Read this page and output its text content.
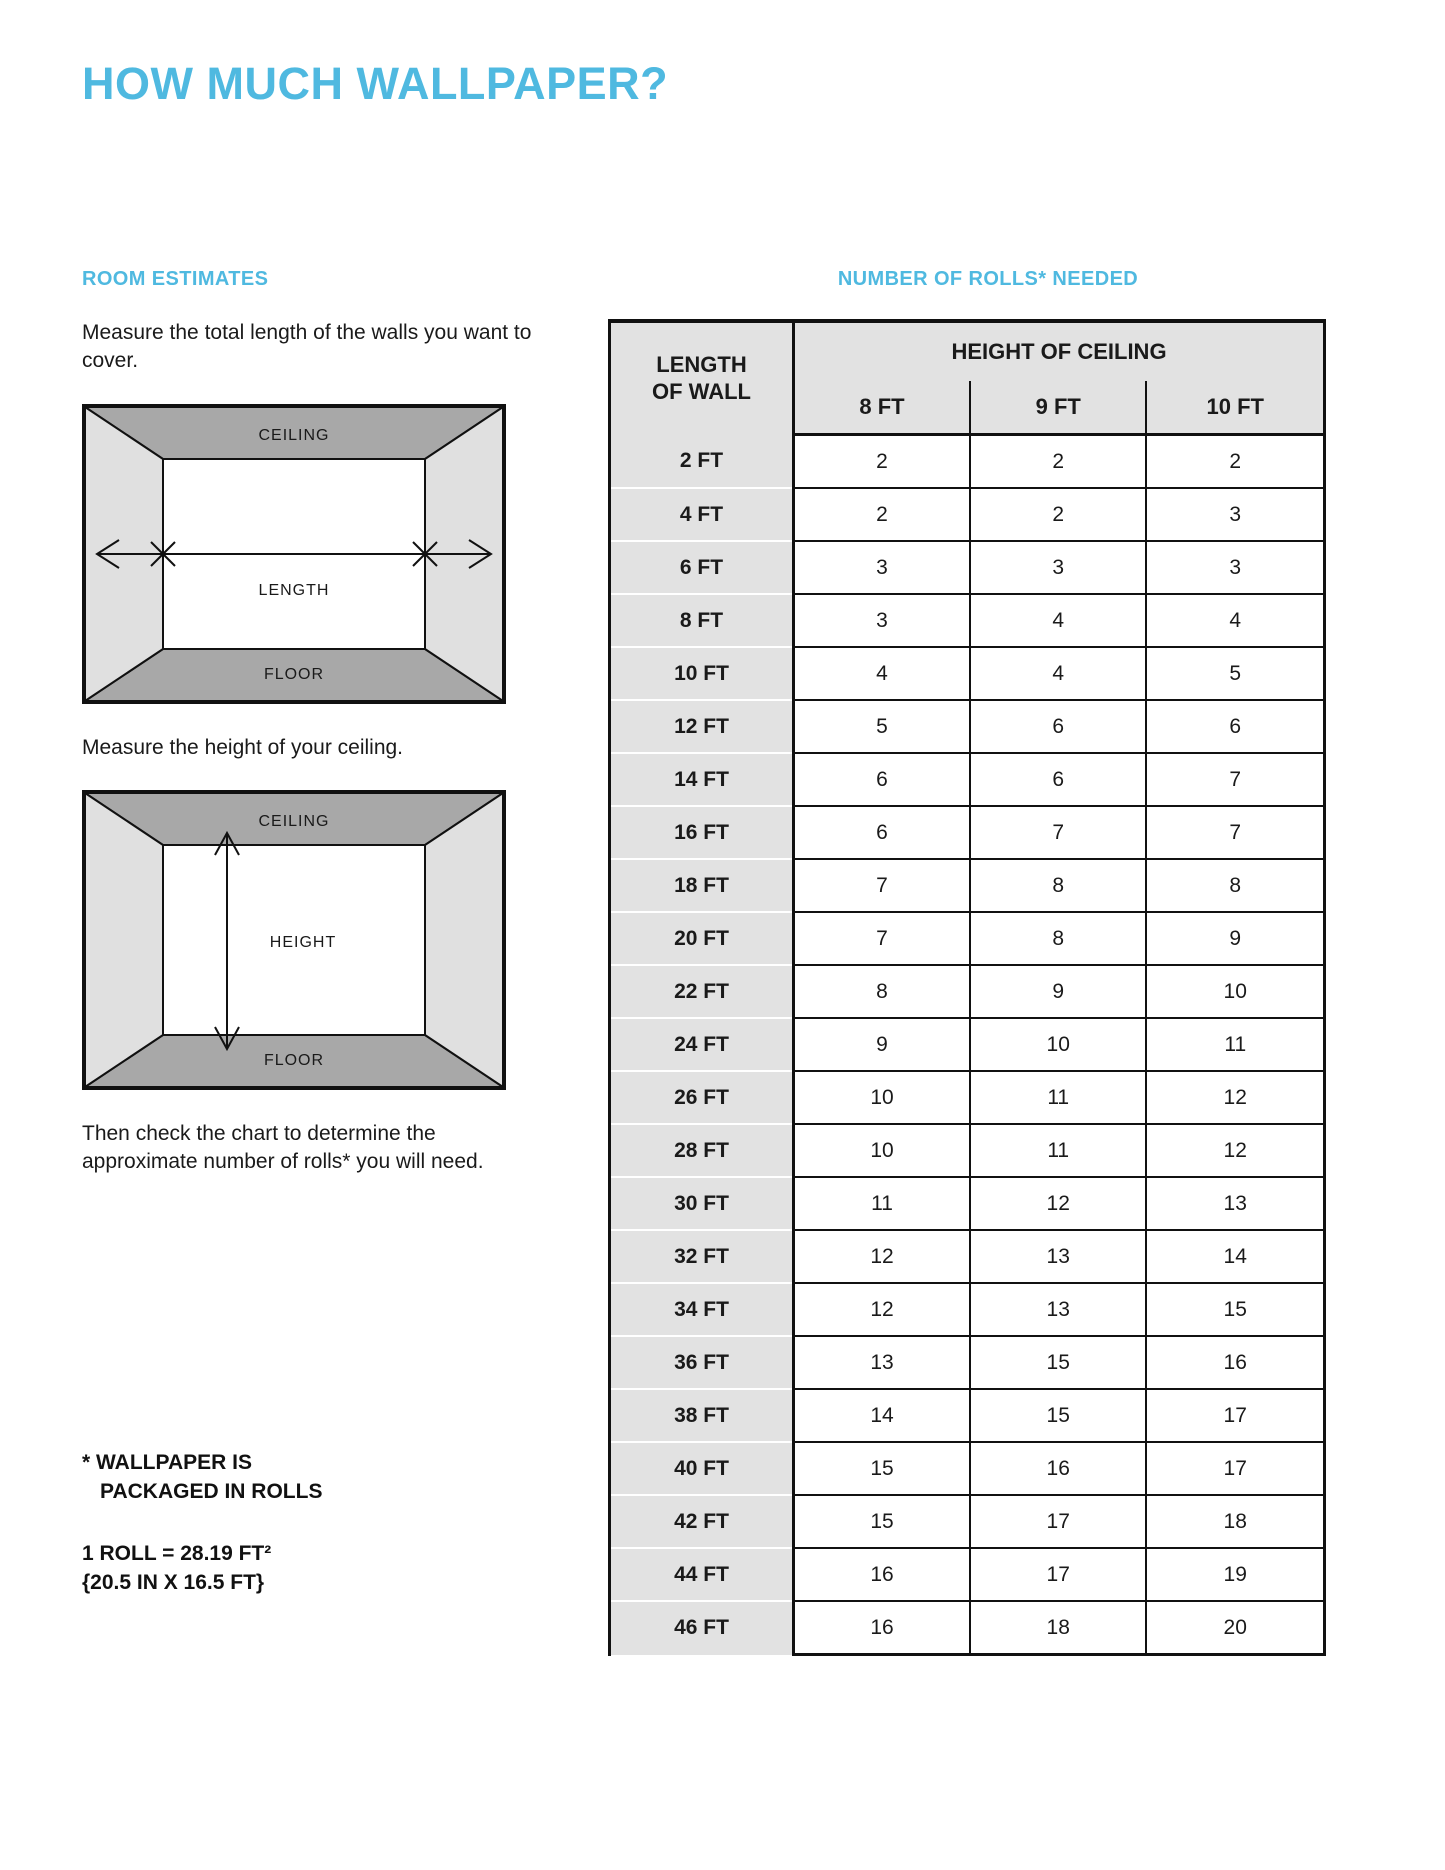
HOW MUCH WALLPAPER?
ROOM ESTIMATES

Measure the total length of the walls you want to cover.

LENGTH
CEILING
FLOOR

Measure the height of your ceiling.

HEIGHT
CEILING
FLOOR

Then check the chart to determine the approximate number of rolls* you will need.

* WALLPAPER IS
PACKAGED IN ROLLS
1 ROLL = 28.19 FT²
{20.5 IN X 16.5 FT}
NUMBER OF ROLLS* NEEDED
LENGTH
OF WALL	HEIGHT OF CEILING		
	8 FT	9 FT	10 FT
2 FT	2	2	2
4 FT	2	2	3
6 FT	3	3	3
8 FT	3	4	4
10 FT	4	4	5
12 FT	5	6	6
14 FT	6	6	7
16 FT	6	7	7
18 FT	7	8	8
20 FT	7	8	9
22 FT	8	9	10
24 FT	9	10	11
26 FT	10	11	12
28 FT	10	11	12
30 FT	11	12	13
32 FT	12	13	14
34 FT	12	13	15
36 FT	13	15	16
38 FT	14	15	17
40 FT	15	16	17
42 FT	15	17	18
44 FT	16	17	19
46 FT	16	18	20
